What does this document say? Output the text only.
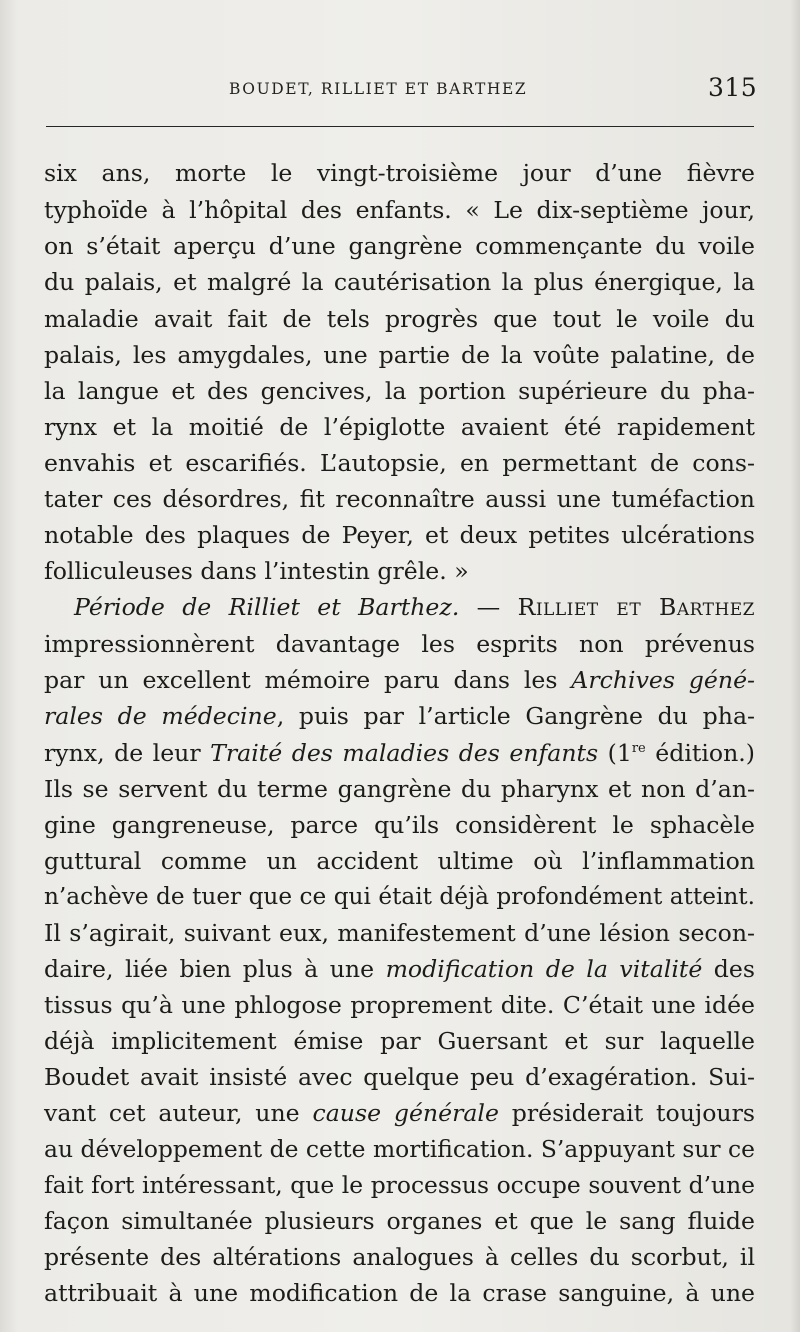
BOUDET, RILLIET ET BARTHEZ	315
six ans, morte le vingt-troisième jour d’une fièvre
typhoïde à l’hôpital des enfants. « Le dix-septième jour,
on s’était aperçu d’une gangrène commençante du voile
du palais, et malgré la cautérisation la plus énergique, la
maladie avait fait de tels progrès que tout le voile du
palais, les amygdales, une partie de la voûte palatine, de
la langue et des gencives, la portion supérieure du pha-
rynx et la moitié de l’épiglotte avaient été rapidement
envahis et escarifiés. L’autopsie, en permettant de cons-
tater ces désordres, fit reconnaître aussi une tuméfaction
notable des plaques de Peyer, et deux petites ulcérations
folliculeuses dans l’intestin grêle. »
Période de Rilliet et Barthez. — Rilliet et Barthez
impressionnèrent davantage les esprits non prévenus
par un excellent mémoire paru dans les Archives géné-
rales de médecine, puis par l’article Gangrène du pha-
rynx, de leur Traité des maladies des enfants (1re édition.)
Ils se servent du terme gangrène du pharynx et non d’an-
gine gangreneuse, parce qu’ils considèrent le sphacèle
guttural comme un accident ultime où l’inflammation
n’achève de tuer que ce qui était déjà profondément atteint.
Il s’agirait, suivant eux, manifestement d’une lésion secon-
daire, liée bien plus à une modification de la vitalité des
tissus qu’à une phlogose proprement dite. C’était une idée
déjà implicitement émise par Guersant et sur laquelle
Boudet avait insisté avec quelque peu d’exagération. Sui-
vant cet auteur, une cause générale présiderait toujours
au développement de cette mortification. S’appuyant sur ce
fait fort intéressant, que le processus occupe souvent d’une
façon simultanée plusieurs organes et que le sang fluide
présente des altérations analogues à celles du scorbut, il
attribuait à une modification de la crase sanguine, à une
